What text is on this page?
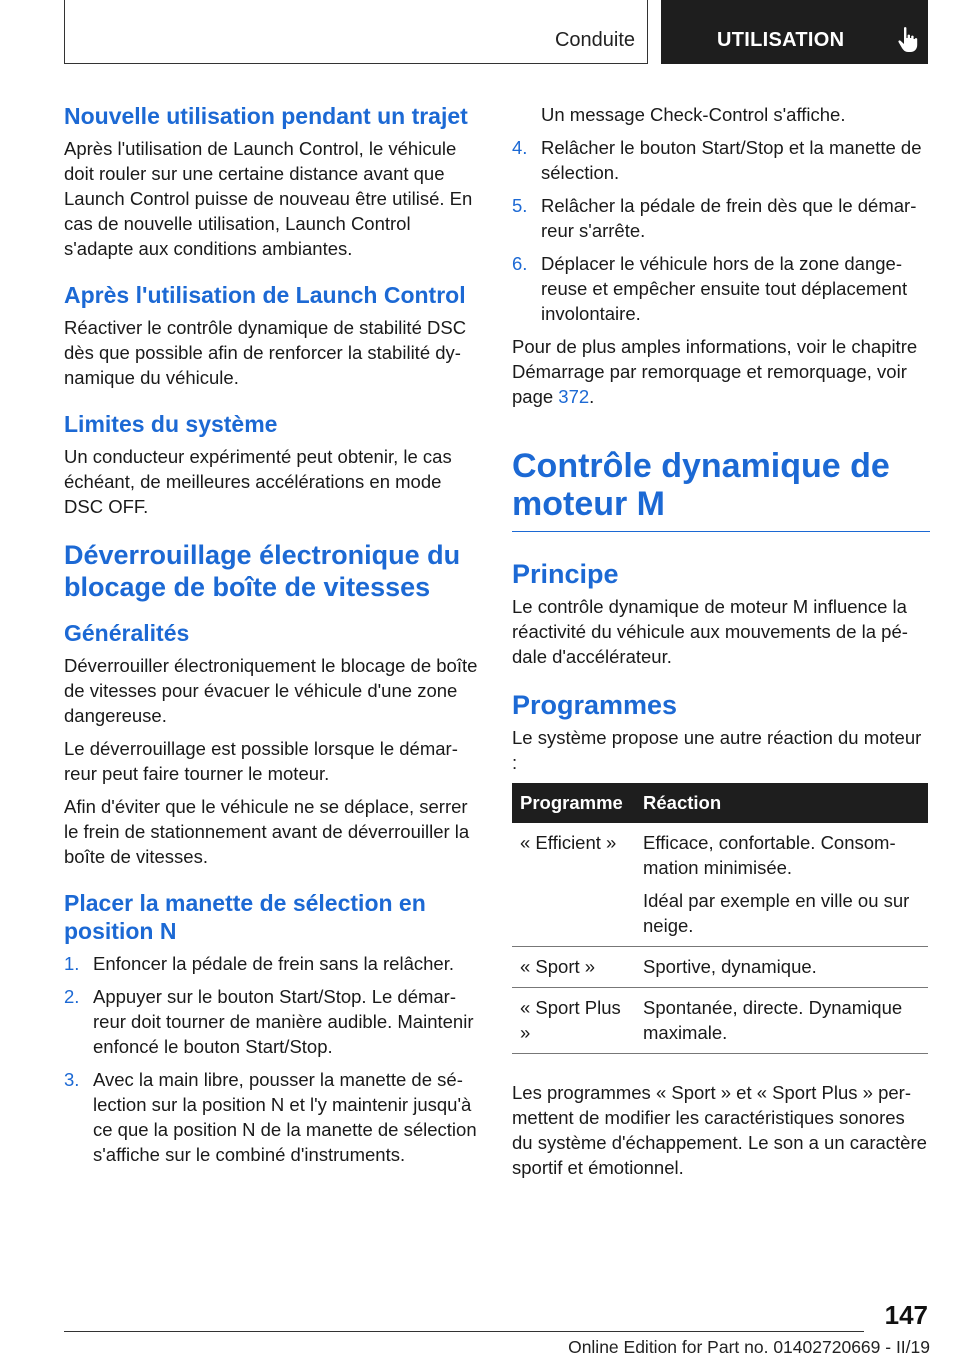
Conduite	UTILISATION
Nouvelle utilisation pendant un trajet

Après l'utilisation de Launch Control, le véhicule doit rouler sur une certaine distance avant que Launch Control puisse de nouveau être utilisé. En cas de nouvelle utilisation, Launch Control s'adapte aux conditions ambiantes.

Après l'utilisation de Launch Control

Réactiver le contrôle dynamique de stabilité DSC dès que possible afin de renforcer la stabilité dynamique du véhicule.

Limites du système

Un conducteur expérimenté peut obtenir, le cas échéant, de meilleures accélérations en mode DSC OFF.

Déverrouillage électronique du blocage de boîte de vitesses
Généralités

Déverrouiller électroniquement le blocage de boîte de vitesses pour évacuer le véhicule d'une zone dangereuse.

Le déverrouillage est possible lorsque le démarreur peut faire tourner le moteur.

Afin d'éviter que le véhicule ne se déplace, serrer le frein de stationnement avant de déverrouiller la boîte de vitesses.

Placer la manette de sélection en position N
1. Enfoncer la pédale de frein sans la relâcher.
2. Appuyer sur le bouton Start/Stop. Le démarreur doit tourner de manière audible. Maintenir enfoncé le bouton Start/Stop.
3. Avec la main libre, pousser la manette de sélection sur la position N et l'y maintenir jusqu'à ce que la position N de la manette de sélection s'affiche sur le combiné d'instruments.

Un message Check-Control s'affiche.

4. Relâcher le bouton Start/Stop et la manette de sélection.
5. Relâcher la pédale de frein dès que le démarreur s'arrête.
6. Déplacer le véhicule hors de la zone dangereuse et empêcher ensuite tout déplacement involontaire.

Pour de plus amples informations, voir le chapitre Démarrage par remorquage et remorquage, voir page 372.

Contrôle dynamique de moteur M
Principe

Le contrôle dynamique de moteur M influence la réactivité du véhicule aux mouvements de la pédale d'accélérateur.

Programmes

Le système propose une autre réaction du moteur :

Programme	Réaction
« Efficient »	Efficace, confortable. Consommation minimisée.

Idéal par exemple en ville ou sur neige.

« Sport »	Sportive, dynamique.
« Sport Plus »	Spontanée, directe. Dynamique maximale.

Les programmes « Sport » et « Sport Plus » permettent de modifier les caractéristiques sonores du système d'échappement. Le son a un caractère sportif et émotionnel.

147
Online Edition for Part no. 01402720669 - II/19
